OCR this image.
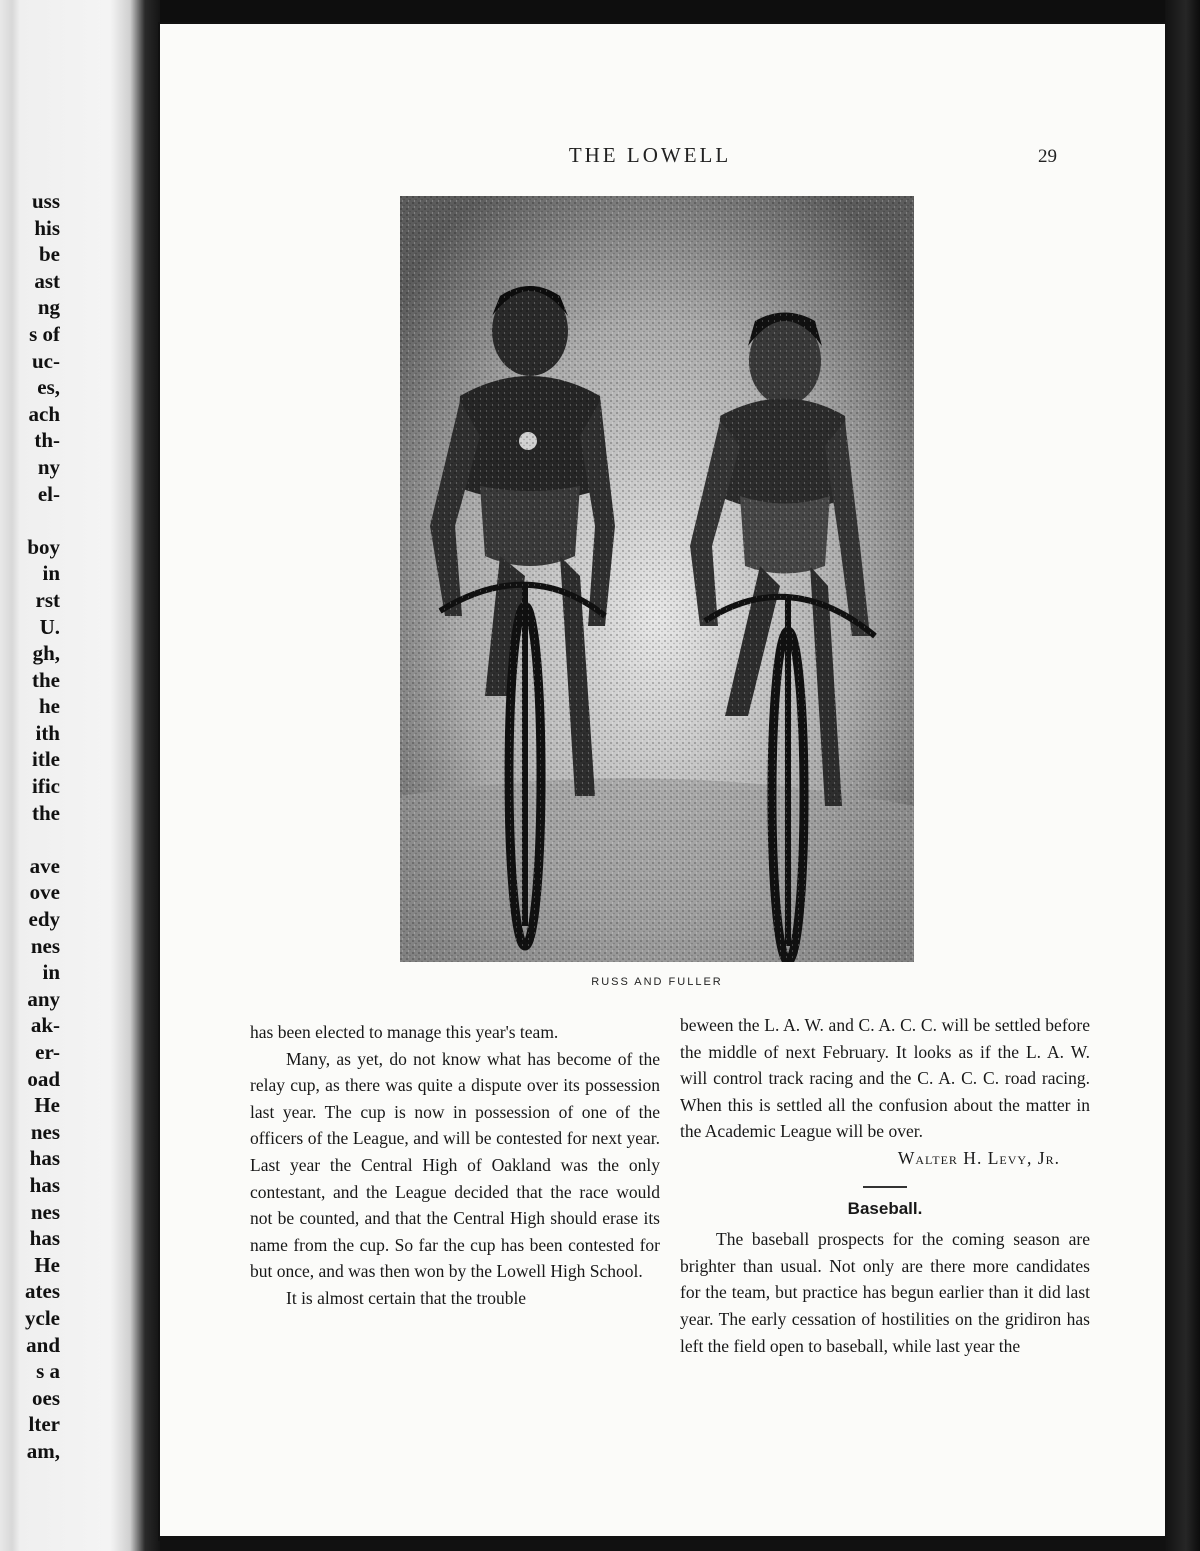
uss
his
be
ast
ng
s of
uc-
es,
ach
th-
ny
el-
boy
in
rst
U.
gh,
the
he
ith
itle
ific
the
ave
ove
edy
nes
in
any
ak-
er-
oad
He
nes
has
has
nes
has
He
ates
ycle
and
s a
oes
lter
am,
THE LOWELL	29
RUSS AND FULLER

has been elected to manage this year's team.

Many, as yet, do not know what has become of the relay cup, as there was quite a dispute over its possession last year. The cup is now in possession of one of the officers of the League, and will be contested for next year. Last year the Central High of Oakland was the only contestant, and the League decided that the race would not be counted, and that the Central High should erase its name from the cup. So far the cup has been contested for but once, and was then won by the Lowell High School.

It is almost certain that the trouble

beween the L. A. W. and C. A. C. C. will be settled before the middle of next February. It looks as if the L. A. W. will control track racing and the C. A. C. C. road racing. When this is settled all the confusion about the matter in the Academic League will be over.

Walter H. Levy, Jr.

Baseball.

The baseball prospects for the coming season are brighter than usual. Not only are there more candidates for the team, but practice has begun earlier than it did last year. The early cessation of hostilities on the gridiron has left the field open to baseball, while last year the
